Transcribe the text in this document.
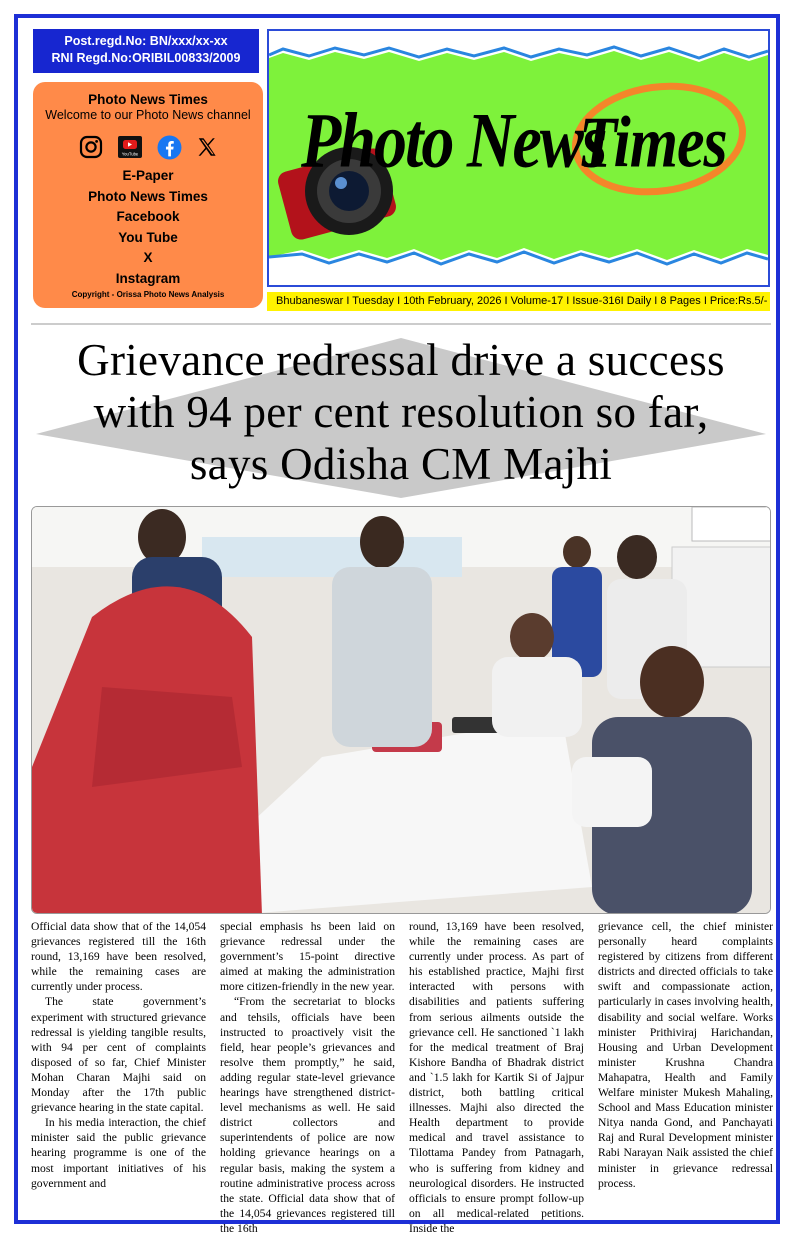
Post.regd.No: BN/xxx/xx-xx
RNI Regd.No:ORIBIL00833/2009
Photo News Times
Welcome to our Photo News channel
YouTube
E-Paper
Photo News Times
Facebook
You Tube
X
Instagram
Copyright - Orissa Photo News Analysis
Photo News
Times
Bhubaneswar I Tuesday I 10th February, 2026 I Volume-17 I Issue-316I Daily I 8 Pages I Price:Rs.5/-
Grievance redressal drive a success
with 94 per cent resolution so far,
says Odisha CM Majhi

Official data show that of the 14,054 grievances registered till the 16th round, 13,169 have been resolved, while the remaining cases are currently under process.

The state government’s experiment with structured grievance redressal is yielding tangible results, with 94 per cent of complaints disposed of so far, Chief Minister Mohan Charan Majhi said on Monday after the 17th public grievance hearing in the state capital.

In his media interaction, the chief minister said the public grievance hearing programme is one of the most important initiatives of his government and

special emphasis hs been laid on grievance redressal under the government’s 15-point directive aimed at making the administration more citizen-friendly in the new year.

“From the secretariat to blocks and tehsils, officials have been instructed to proactively visit the field, hear people’s grievances and resolve them promptly,” he said, adding regular state-level grievance hearings have strengthened district-level mechanisms as well. He said district collectors and superintendents of police are now holding grievance hearings on a regular basis, making the system a routine administrative process across the state. Official data show that of the 14,054 grievances registered till the 16th

round, 13,169 have been resolved, while the remaining cases are currently under process. As part of his established practice, Majhi first interacted with persons with disabilities and patients suffering from serious ailments outside the grievance cell. He sanctioned `1 lakh for the medical treatment of Braj Kishore Bandha of Bhadrak district and `1.5 lakh for Kartik Si of Jajpur district, both battling critical illnesses. Majhi also directed the Health department to provide medical and travel assistance to Tilottama Pandey from Patnagarh, who is suffering from kidney and neurological disorders. He instructed officials to ensure prompt follow-up on all medical-related petitions. Inside the

grievance cell, the chief minister personally heard complaints registered by citizens from different districts and directed officials to take swift and compassionate action, particularly in cases involving health, disability and social welfare. Works minister Prithiviraj Harichandan, Housing and Urban Development minister Krushna Chandra Mahapatra, Health and Family Welfare minister Mukesh Mahaling, School and Mass Education minister Nitya nanda Gond, and Panchayati Raj and Rural Development minister Rabi Narayan Naik assisted the chief minister in grievance redressal process.
